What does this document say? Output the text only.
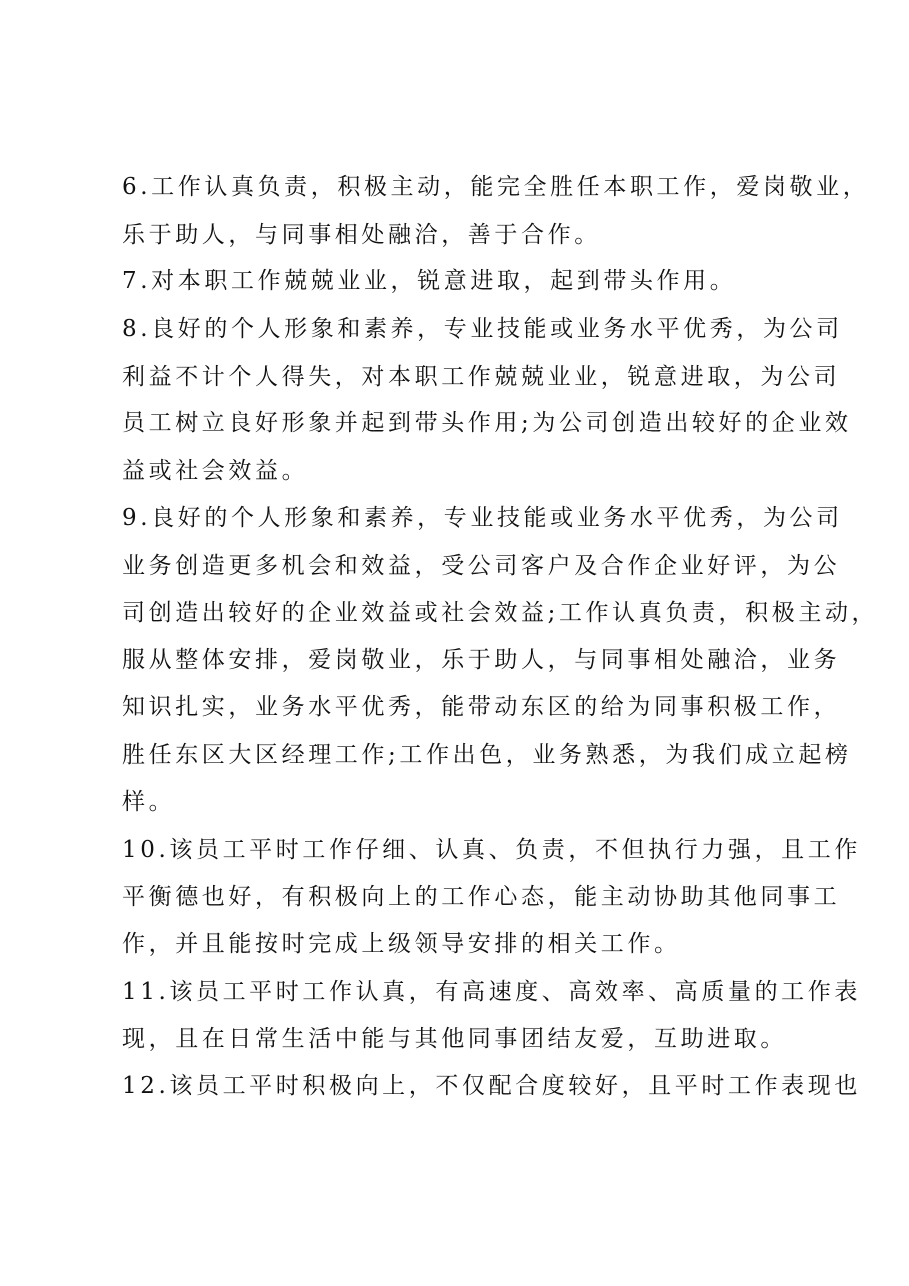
6.工作认真负责，积极主动，能完全胜任本职工作，爱岗敬业，

乐于助人，与同事相处融洽，善于合作。

7.对本职工作兢兢业业，锐意进取，起到带头作用。

8.良好的个人形象和素养，专业技能或业务水平优秀，为公司

利益不计个人得失，对本职工作兢兢业业，锐意进取，为公司

员工树立良好形象并起到带头作用;为公司创造出较好的企业效

益或社会效益。

9.良好的个人形象和素养，专业技能或业务水平优秀，为公司

业务创造更多机会和效益，受公司客户及合作企业好评，为公

司创造出较好的企业效益或社会效益;工作认真负责，积极主动，

服从整体安排，爱岗敬业，乐于助人，与同事相处融洽，业务

知识扎实，业务水平优秀，能带动东区的给为同事积极工作，

胜任东区大区经理工作;工作出色，业务熟悉，为我们成立起榜

样。

10.该员工平时工作仔细、认真、负责，不但执行力强，且工作

平衡德也好，有积极向上的工作心态，能主动协助其他同事工

作，并且能按时完成上级领导安排的相关工作。

11.该员工平时工作认真，有高速度、高效率、高质量的工作表

现，且在日常生活中能与其他同事团结友爱，互助进取。

12.该员工平时积极向上，不仅配合度较好，且平时工作表现也
